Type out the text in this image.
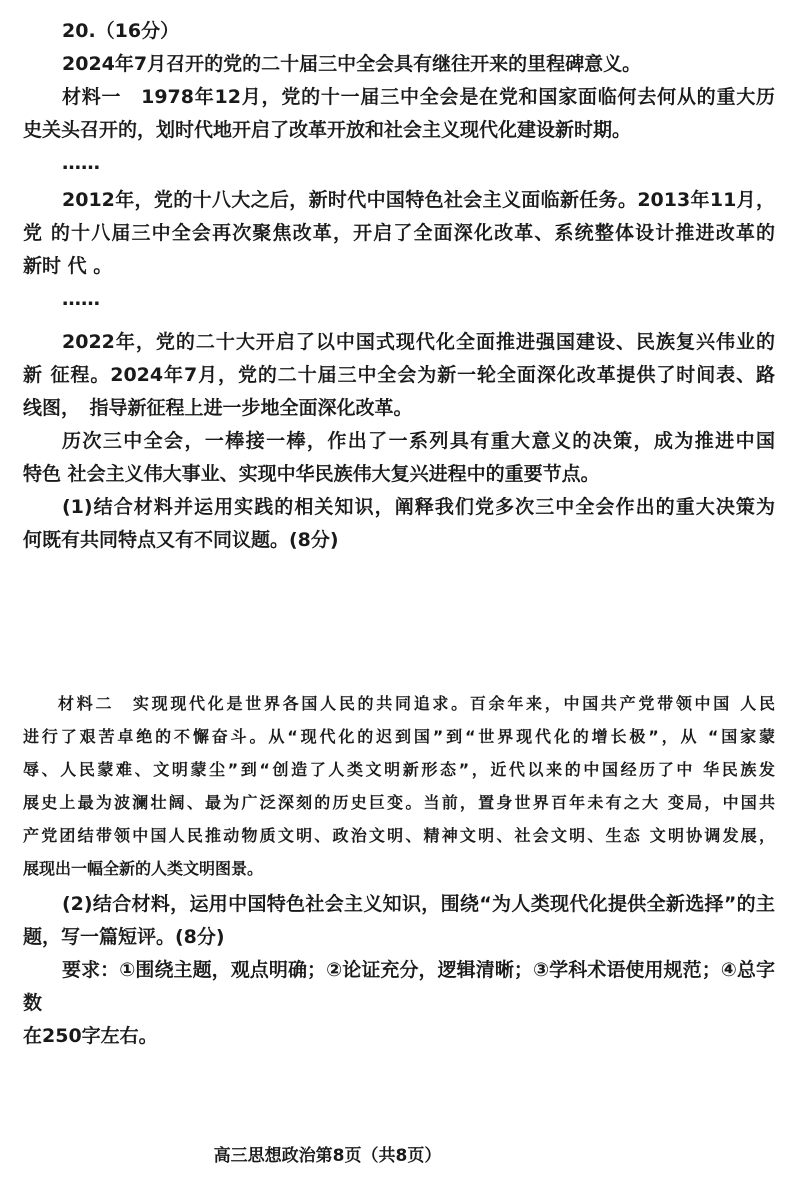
20.（16分）
2024年7月召开的党的二十届三中全会具有继往开来的里程碑意义。
材料一　1978年12月，党的十一届三中全会是在党和国家面临何去何从的重大历
史关头召开的，划时代地开启了改革开放和社会主义现代化建设新时期。
……
2012年，党的十八大之后，新时代中国特色社会主义面临新任务。2013年11月，
党 的十八届三中全会再次聚焦改革，开启了全面深化改革、系统整体设计推进改革的
新时 代 。
……
2022年，党的二十大开启了以中国式现代化全面推进强国建设、民族复兴伟业的
新 征程。2024年7月，党的二十届三中全会为新一轮全面深化改革提供了时间表、路
线图，　指导新征程上进一步地全面深化改革。
历次三中全会，一棒接一棒，作出了一系列具有重大意义的决策，成为推进中国
特色 社会主义伟大事业、实现中华民族伟大复兴进程中的重要节点。
(1)结合材料并运用实践的相关知识，阐释我们党多次三中全会作出的重大决策为
何既有共同特点又有不同议题。(8分)
材料二　实现现代化是世界各国人民的共同追求。百余年来，中国共产党带领中国 人民
进行了艰苦卓绝的不懈奋斗。从“现代化的迟到国”到“世界现代化的增长极”，从 “国家蒙
辱、人民蒙难、文明蒙尘”到“创造了人类文明新形态”，近代以来的中国经历了中 华民族发
展史上最为波澜壮阔、最为广泛深刻的历史巨变。当前，置身世界百年未有之大 变局，中国共
产党团结带领中国人民推动物质文明、政治文明、精神文明、社会文明、生态 文明协调发展，
展现出一幅全新的人类文明图景。
(2)结合材料，运用中国特色社会主义知识，围绕“为人类现代化提供全新选择”的主
题，写一篇短评。(8分)
要求：①围绕主题，观点明确；②论证充分，逻辑清晰；③学科术语使用规范；④总字数
在250字左右。
高三思想政治第8页（共8页）
